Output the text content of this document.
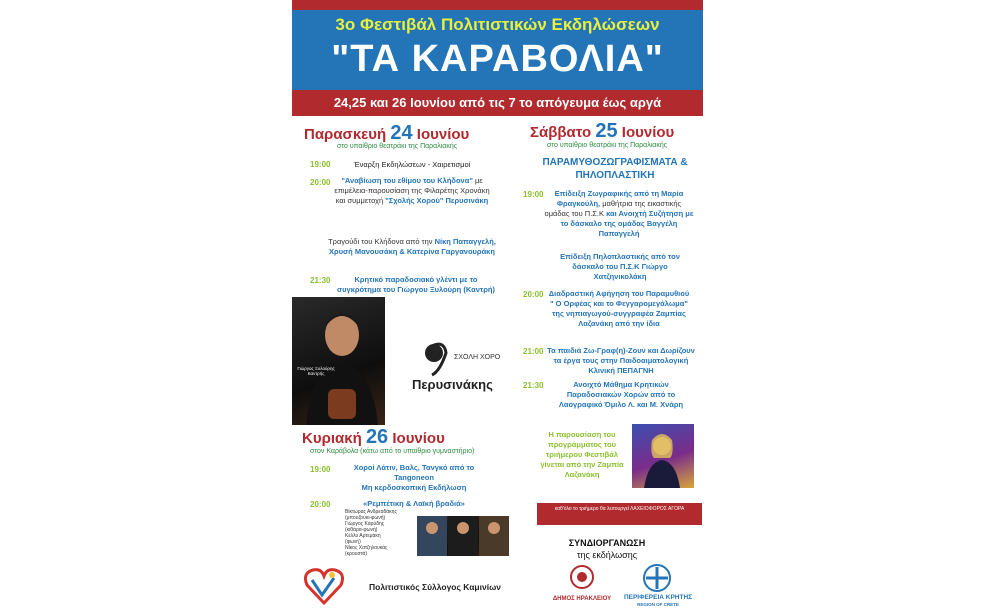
3ο Φεστιβάλ Πολιτιστικών Εκδηλώσεων
"ΤΑ ΚΑΡΑΒΟΛΙΑ"
24,25 και 26 Ιουνίου από τις 7 το απόγευμα έως αργά
Παρασκευή 24 Ιουνίου
στο υπαίθριο θεατράκι της Παραλιακής
19:00	Έναρξη Εκδηλώσεων - Χαιρετισμοί
20:00	"Αναβίωση του εθίμου του Κλήδονα" με επιμέλεια-παρουσίαση της Φιλαρέτης Χρονάκη και συμμετοχή "Σχολής Χορού" Περυσινάκη
Τραγούδι του Κλήδονα από την Νίκη Παπαγγελή, Χρυσή Μανουσάκη & Κατερίνα Γαργανουράκη
21:30	Κρητικό παραδοσιακό γλέντι με το συγκρότημα του Γιώργου Ξυλούρη (Καντρή)
Γιώργος Ξυλούρης Καντρής
ΣΧΟΛΗ ΧΟΡΟΥ
Περυσινάκης
Κυριακή 26 Ιουνίου
στον Καράβολα (κάτω από το υπαίθριο γυμναστήριο)
19:00	Χοροί Λάτιν, Βαλς, Τανγκό από το Tangoneon
Μη κερδοσκοπική Εκδήλωση
20:00	«Ρεμπέτικη & Λαϊκή βραδιά»
Βίκτωρας Ανδρεαδάκης
(μπουζούκι-φωνή)
Γιώργος Καρύδης
(κιθάρα-φωνή)
Κέλλυ Αρτεμάκη
(φωνή)
Νίκος Χατζηλουκάς
(κρουστά)
Πολιτιστικός Σύλλογος Καμινίων
Σάββατο 25 Ιουνίου
στο υπαίθριο θεατράκι της Παραλιακής
ΠΑΡΑΜΥΘΟΖΩΓΡΑΦΙΣΜΑΤΑ & ΠΗΛΟΠΛΑΣΤΙΚΗ
19:00	Επίδειξη Ζωγραφικής από τη Μαρία Φραγκούλη, μαθήτρια της εικαστικής ομάδας του Π.Σ.Κ και Ανοιχτή Συζήτηση με το δάσκαλο της ομάδας Βαγγέλη Παπαγγελή
Επίδειξη Πηλοπλαστικής από τον δάσκαλο του Π.Σ.Κ Γιώργο Χατζηνικολάκη
20:00 Διαδραστική Αφήγηση του Παραμυθιού
" Ο Ορφέας και το Φεγγαρομεγάλωμα"
της νηπιαγωγού-συγγραφέα Ζαμπίας Λαζανάκη από την ίδια
21:00 Τα παιδιά Ζω-Γραφ(η)-Ζουν και Δωρίζουν τα έργα τους στην Παιδοαιματολογική Κλινική ΠΕΠΑΓΝΗ
21:30	Ανοιχτό Μάθημα Κρητικών Παραδοσιακών Χορών από το Λαογραφικό Όμιλο Λ. και Μ. Χνάρη
Η παρουσίαση του προγράμματος του τριήμερου Φεστιβάλ γίνεται από την Ζαμπία Λαζανάκη
καθ'όλο το τριήμερο θα λειτουργεί ΛΑΧΕΙΟΦΟΡΟΣ ΑΓΟΡΑ
ΣΥΝΔΙΟΡΓΑΝΩΣΗ
της εκδήλωσης
ΔΗΜΟΣ ΗΡΑΚΛΕΙΟΥ	ΠΕΡΙΦΕΡΕΙΑ ΚΡΗΤΗΣ
REGION OF CRETE
